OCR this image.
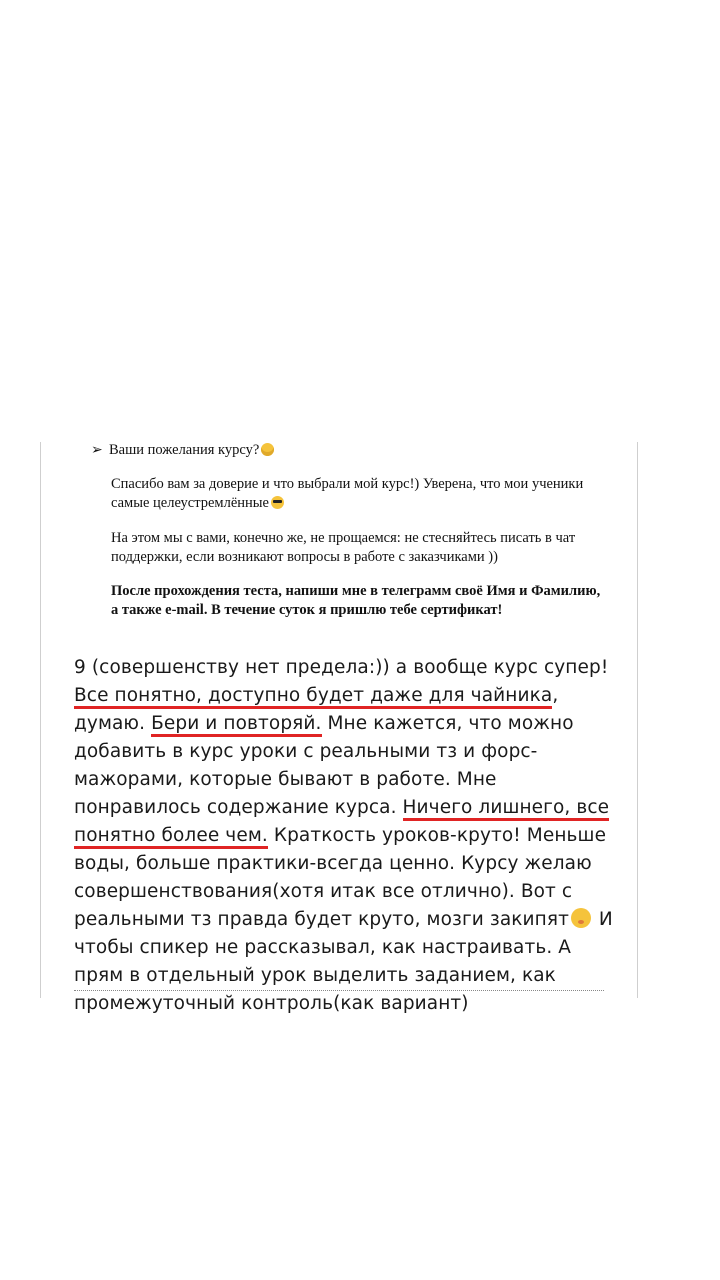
➢ Ваши пожелания курсу?
Спасибо вам за доверие и что выбрали мой курс!) Уверена, что мои ученики самые целеустремлённые
На этом мы с вами, конечно же, не прощаемся: не стесняйтесь писать в чат поддержки, если возникают вопросы в работе с заказчиками ))
После прохождения теста, напиши мне в телеграмм своё Имя и Фамилию, а также e-mail. В течение суток я пришлю тебе сертификат!
9 (совершенству нет предела:)) а вообще курс супер! Все понятно, доступно будет даже для чайника, думаю. Бери и повторяй. Мне кажется, что можно добавить в курс уроки с реальными тз и форс-мажорами, которые бывают в работе. Мне понравилось содержание курса. Ничего лишнего, все понятно более чем. Краткость уроков-круто! Меньше воды, больше практики-всегда ценно. Курсу желаю совершенствования(хотя итак все отлично). Вот с реальными тз правда будет круто, мозги закипят И чтобы спикер не рассказывал, как настраивать. А прям в отдельный урок выделить заданием, как промежуточный контроль(как вариант)
